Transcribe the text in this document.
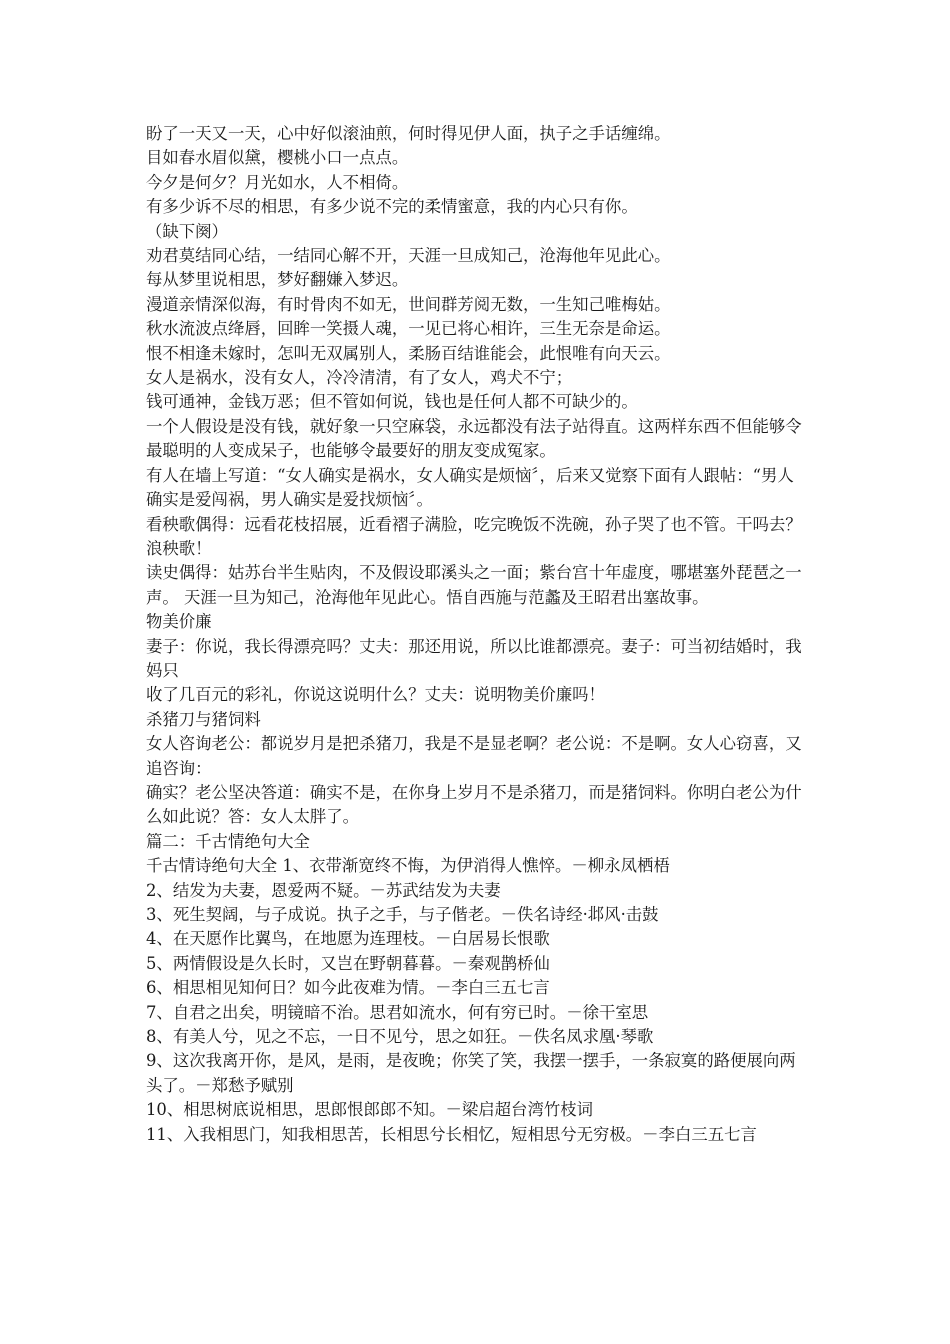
盼了一天又一天，心中好似滚油煎，何时得见伊人面，执子之手话缠绵。

目如春水眉似黛，樱桃小口一点点。

今夕是何夕？月光如水，人不相倚。

有多少诉不尽的相思，有多少说不完的柔情蜜意，我的内心只有你。

（缺下阕）

劝君莫结同心结，一结同心解不开，天涯一旦成知己，沧海他年见此心。

每从梦里说相思，梦好翻嫌入梦迟。

漫道亲情深似海，有时骨肉不如无，世间群芳阅无数，一生知己唯梅姑。

秋水流波点绛唇，回眸一笑摄人魂，一见已将心相许，三生无奈是命运。

恨不相逢未嫁时，怎叫无双属别人，柔肠百结谁能会，此恨唯有向天云。

女人是祸水，没有女人，冷冷清清，有了女人，鸡犬不宁；

钱可通神，金钱万恶；但不管如何说，钱也是任何人都不可缺少的。

一个人假设是没有钱，就好象一只空麻袋，永远都没有法子站得直。这两样东西不但能够令最聪明的人变成呆子，也能够令最要好的朋友变成冤家。

有人在墙上写道：“女人确实是祸水，女人确实是烦恼〞，后来又觉察下面有人跟帖：“男人确实是爱闯祸，男人确实是爱找烦恼〞。

看秧歌偶得：远看花枝招展，近看褶子满脸，吃完晚饭不洗碗，孙子哭了也不管。干吗去？浪秧歌！

读史偶得：姑苏台半生贴肉，不及假设耶溪头之一面；紫台宫十年虚度，哪堪塞外琵琶之一声。 天涯一旦为知己，沧海他年见此心。悟自西施与范蠡及王昭君出塞故事。

物美价廉

妻子：你说，我长得漂亮吗？丈夫：那还用说，所以比谁都漂亮。妻子：可当初结婚时，我妈只

收了几百元的彩礼，你说这说明什么？丈夫：说明物美价廉吗！

杀猪刀与猪饲料

女人咨询老公：都说岁月是把杀猪刀，我是不是显老啊？老公说：不是啊。女人心窃喜，又追咨询：

确实？老公坚决答道：确实不是，在你身上岁月不是杀猪刀，而是猪饲料。你明白老公为什么如此说？答：女人太胖了。

篇二：千古情绝句大全

千古情诗绝句大全 1、衣带渐宽终不悔，为伊消得人憔悴。－柳永凤栖梧

2、结发为夫妻，恩爱两不疑。－苏武结发为夫妻

3、死生契阔，与子成说。执子之手，与子偕老。－佚名诗经·邶风·击鼓

4、在天愿作比翼鸟，在地愿为连理枝。－白居易长恨歌

5、两情假设是久长时，又岂在野朝暮暮。－秦观鹊桥仙

6、相思相见知何日？如今此夜难为情。－李白三五七言

7、自君之出矣，明镜暗不治。思君如流水，何有穷已时。－徐干室思

8、有美人兮，见之不忘，一日不见兮，思之如狂。－佚名凤求凰·琴歌

9、这次我离开你，是风，是雨，是夜晚；你笑了笑，我摆一摆手，一条寂寞的路便展向两头了。－郑愁予赋别

10、相思树底说相思，思郎恨郎郎不知。－梁启超台湾竹枝词

11、入我相思门，知我相思苦，长相思兮长相忆，短相思兮无穷极。－李白三五七言
